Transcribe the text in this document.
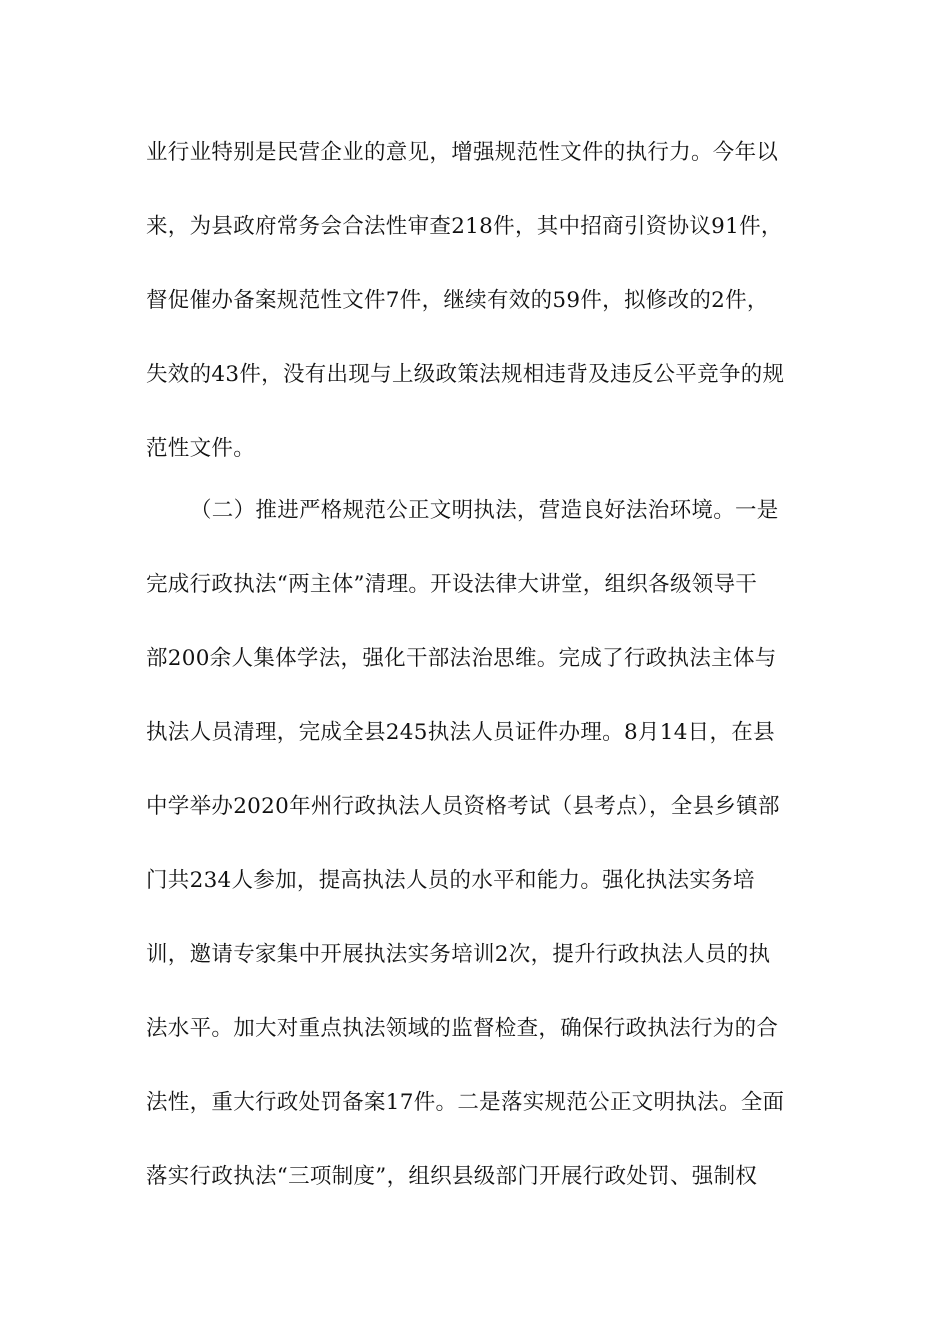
业行业特别是民营企业的意见，增强规范性文件的执行力。今年以
来，为县政府常务会合法性审查218件，其中招商引资协议91件，
督促催办备案规范性文件7件，继续有效的59件，拟修改的2件，
失效的43件，没有出现与上级政策法规相违背及违反公平竞争的规
范性文件。
（二）推进严格规范公正文明执法，营造良好法治环境。一是
完成行政执法“两主体”清理。开设法律大讲堂，组织各级领导干
部200余人集体学法，强化干部法治思维。完成了行政执法主体与
执法人员清理，完成全县245执法人员证件办理。8月14日，在县
中学举办2020年州行政执法人员资格考试（县考点），全县乡镇部
门共234人参加，提高执法人员的水平和能力。强化执法实务培
训，邀请专家集中开展执法实务培训2次，提升行政执法人员的执
法水平。加大对重点执法领域的监督检查，确保行政执法行为的合
法性，重大行政处罚备案17件。二是落实规范公正文明执法。全面
落实行政执法“三项制度”，组织县级部门开展行政处罚、强制权
